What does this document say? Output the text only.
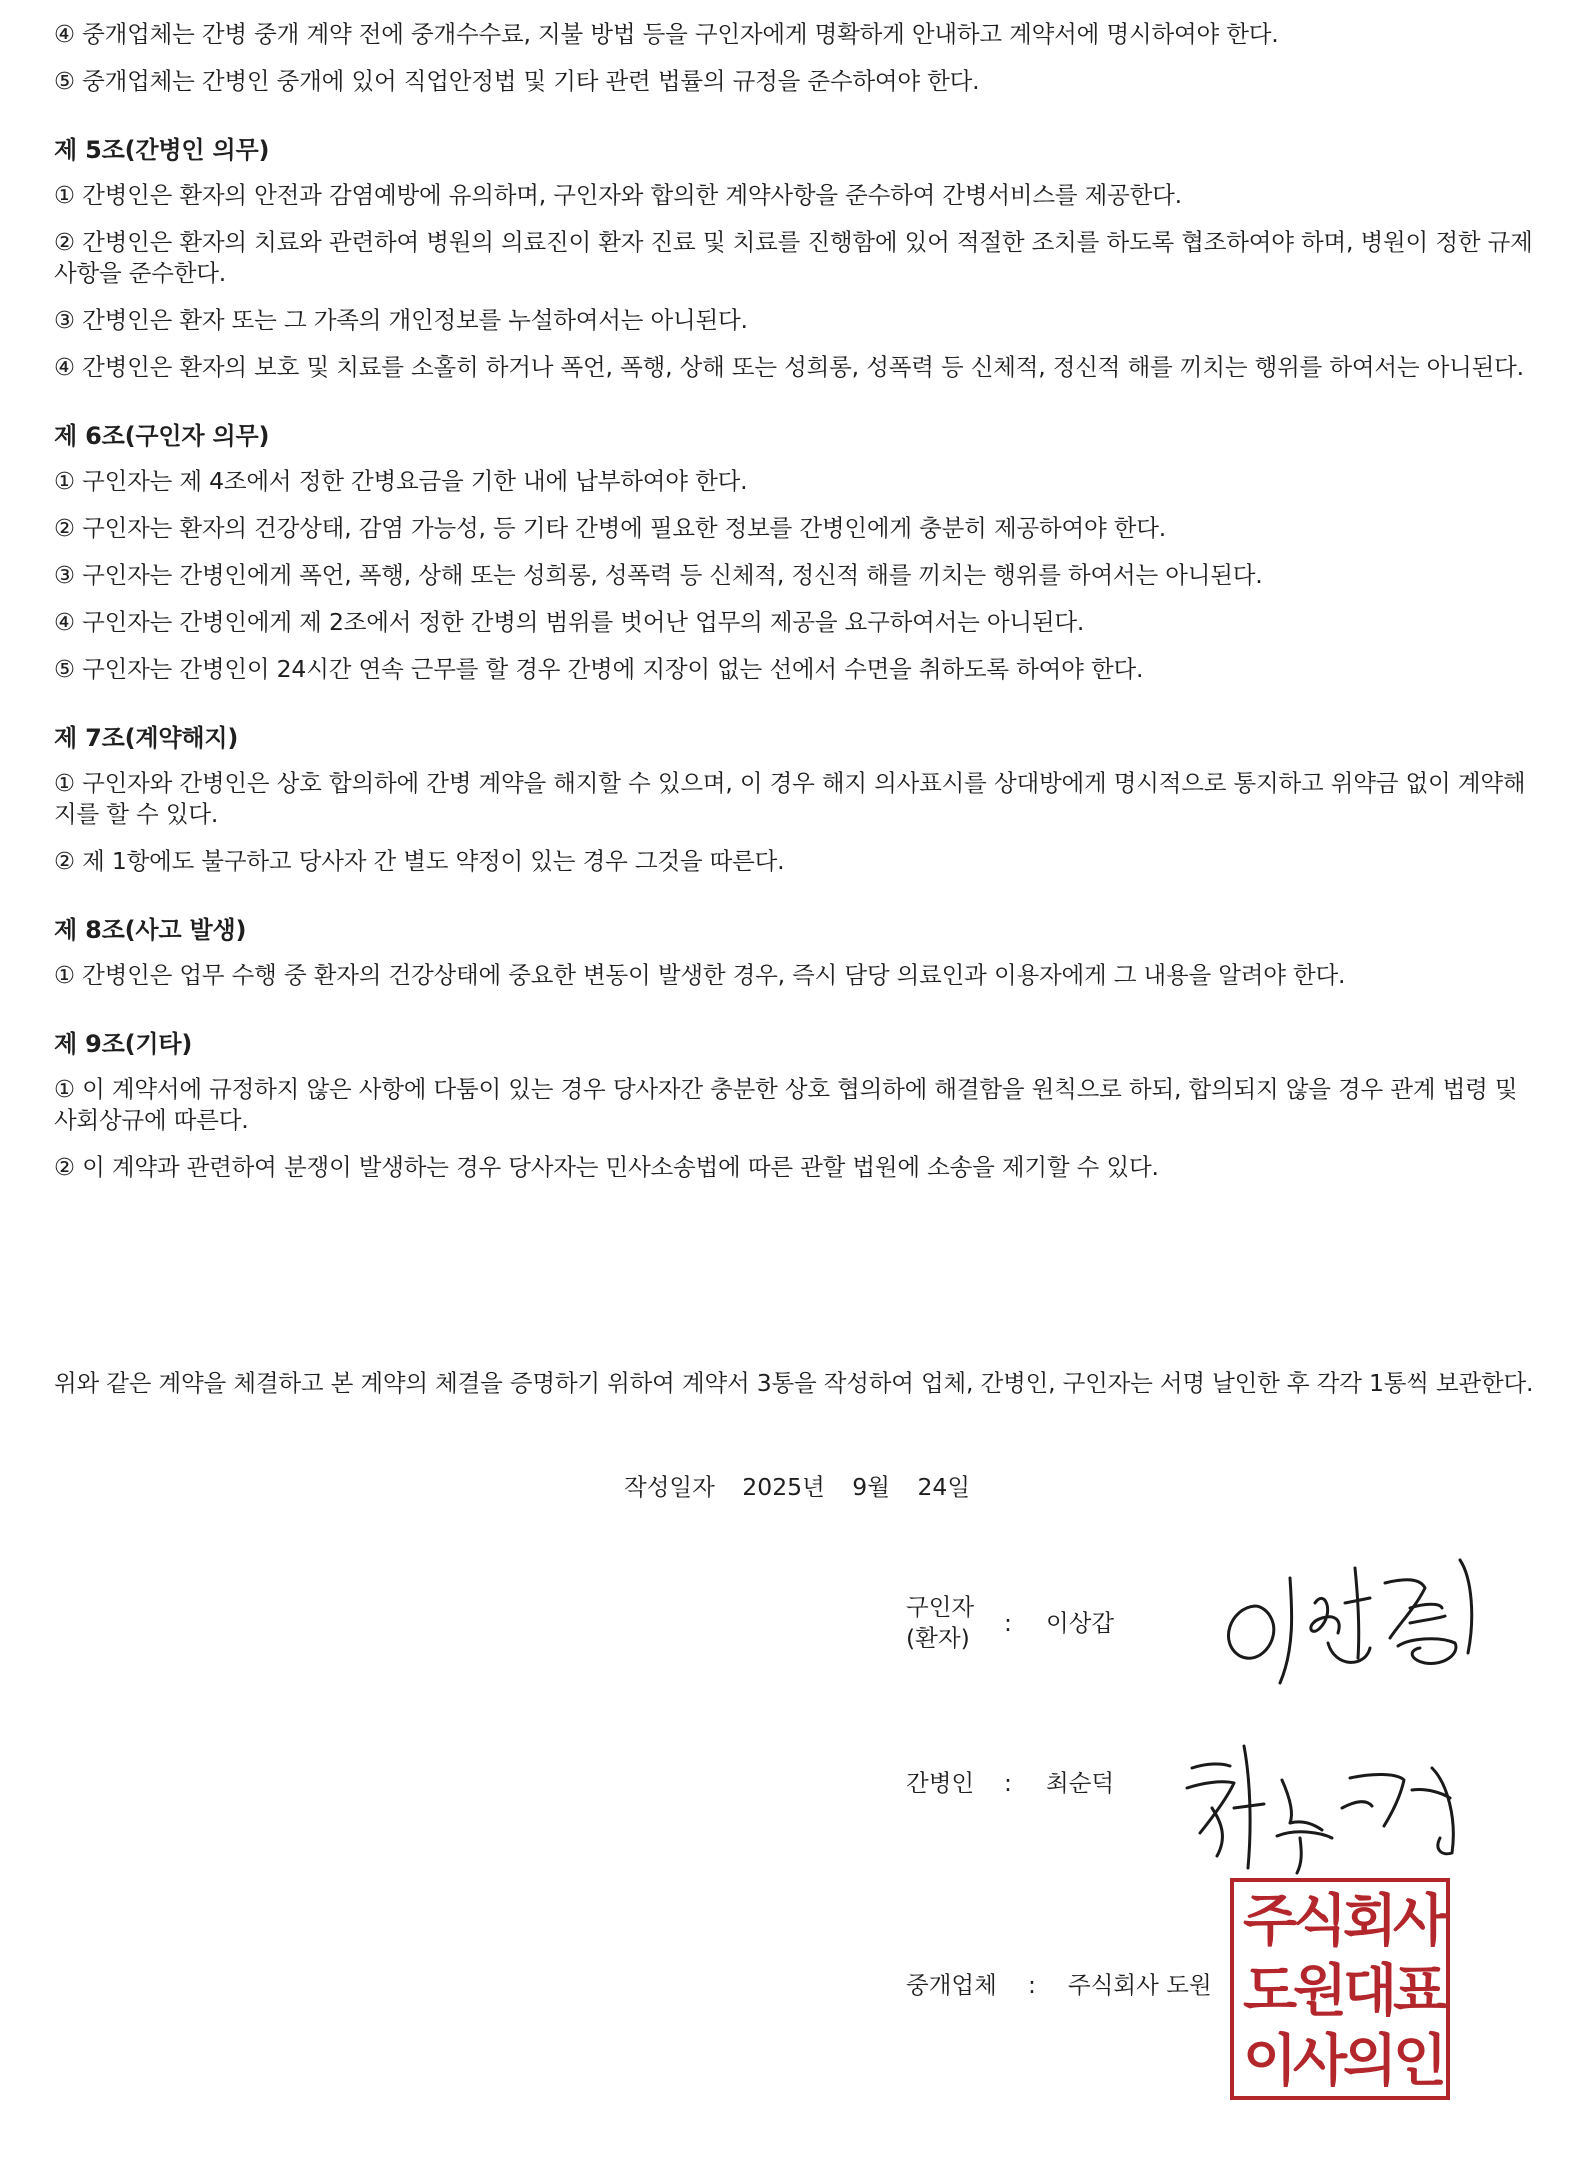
④ 중개업체는 간병 중개 계약 전에 중개수수료, 지불 방법 등을 구인자에게 명확하게 안내하고 계약서에 명시하여야 한다.

⑤ 중개업체는 간병인 중개에 있어 직업안정법 및 기타 관련 법률의 규정을 준수하여야 한다.

제 5조(간병인 의무)

① 간병인은 환자의 안전과 감염예방에 유의하며, 구인자와 합의한 계약사항을 준수하여 간병서비스를 제공한다.

② 간병인은 환자의 치료와 관련하여 병원의 의료진이 환자 진료 및 치료를 진행함에 있어 적절한 조치를 하도록 협조하여야 하며, 병원이 정한 규제사항을 준수한다.

③ 간병인은 환자 또는 그 가족의 개인정보를 누설하여서는 아니된다.

④ 간병인은 환자의 보호 및 치료를 소홀히 하거나 폭언, 폭행, 상해 또는 성희롱, 성폭력 등 신체적, 정신적 해를 끼치는 행위를 하여서는 아니된다.

제 6조(구인자 의무)

① 구인자는 제 4조에서 정한 간병요금을 기한 내에 납부하여야 한다.

② 구인자는 환자의 건강상태, 감염 가능성, 등 기타 간병에 필요한 정보를 간병인에게 충분히 제공하여야 한다.

③ 구인자는 간병인에게 폭언, 폭행, 상해 또는 성희롱, 성폭력 등 신체적, 정신적 해를 끼치는 행위를 하여서는 아니된다.

④ 구인자는 간병인에게 제 2조에서 정한 간병의 범위를 벗어난 업무의 제공을 요구하여서는 아니된다.

⑤ 구인자는 간병인이 24시간 연속 근무를 할 경우 간병에 지장이 없는 선에서 수면을 취하도록 하여야 한다.

제 7조(계약해지)

① 구인자와 간병인은 상호 합의하에 간병 계약을 해지할 수 있으며, 이 경우 해지 의사표시를 상대방에게 명시적으로 통지하고 위약금 없이 계약해지를 할 수 있다.

② 제 1항에도 불구하고 당사자 간 별도 약정이 있는 경우 그것을 따른다.

제 8조(사고 발생)

① 간병인은 업무 수행 중 환자의 건강상태에 중요한 변동이 발생한 경우, 즉시 담당 의료인과 이용자에게 그 내용을 알려야 한다.

제 9조(기타)

① 이 계약서에 규정하지 않은 사항에 다툼이 있는 경우 당사자간 충분한 상호 협의하에 해결함을 원칙으로 하되, 합의되지 않을 경우 관계 법령 및 사회상규에 따른다.

② 이 계약과 관련하여 분쟁이 발생하는 경우 당사자는 민사소송법에 따른 관할 법원에 소송을 제기할 수 있다.

위와 같은 계약을 체결하고 본 계약의 체결을 증명하기 위하여 계약서 3통을 작성하여 업체, 간병인, 구인자는 서명 날인한 후 각각 1통씩 보관한다.

작성일자 2025년 9월 24일
구인자
(환자)
: 이상갑
간병인 : 최순덕
중개업체 : 주식회사 도원
주
식
회
사
도
원
대
표
이
사
의
인
